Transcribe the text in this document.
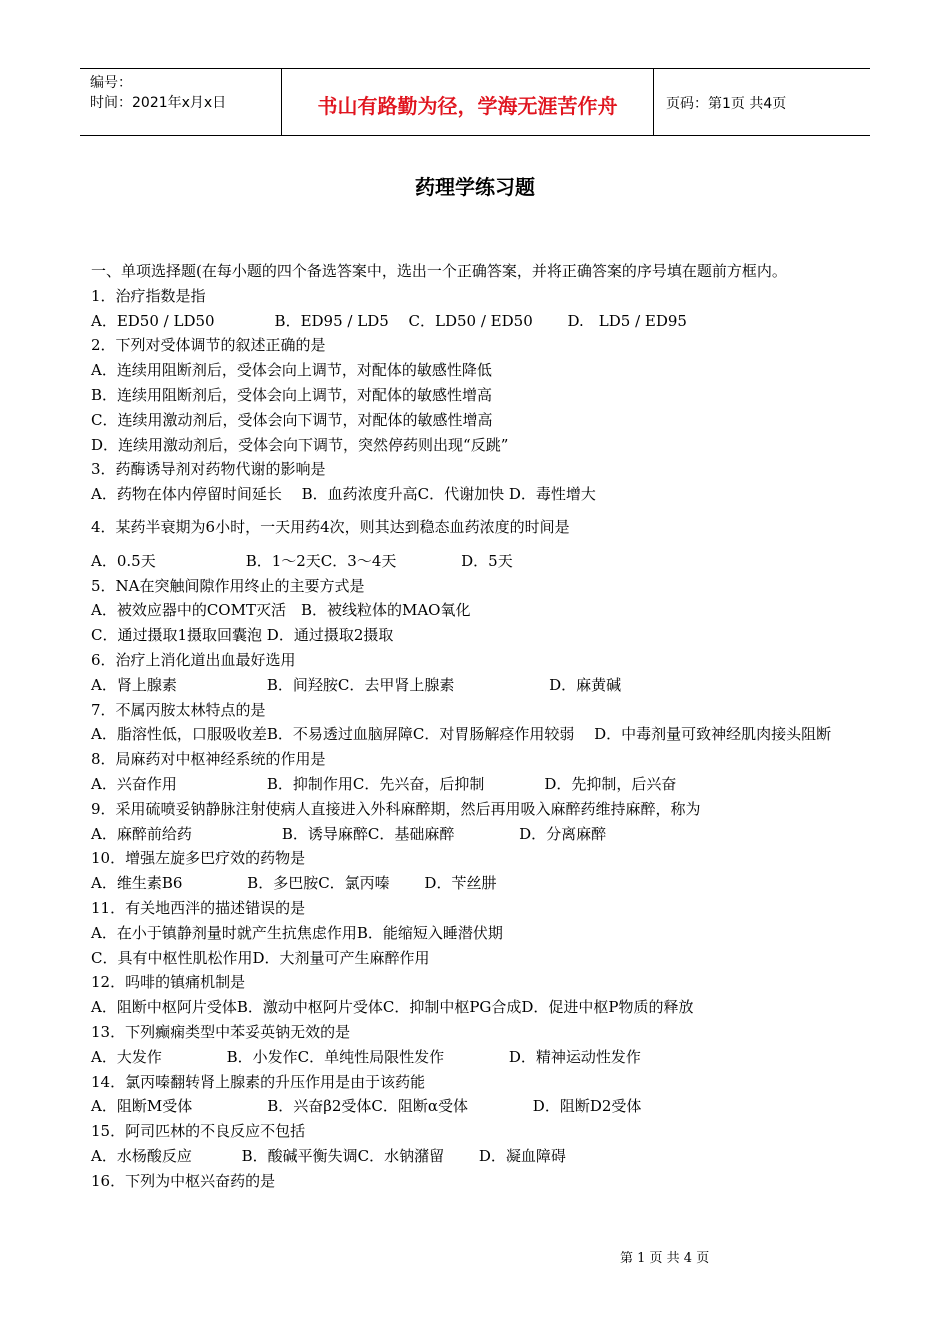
编号：
时间：2021年x月x日	书山有路勤为径，学海无涯苦作舟	页码：第1页 共4页
药理学练习题
一、单项选择题(在每小题的四个备选答案中，选出一个正确答案，并将正确答案的序号填在题前方框内。
1．治疗指数是指
A．ED50 / LD50　　　　B．ED95 / LD5　 C．LD50 / ED50　　 D.　LD5 / ED95
2．下列对受体调节的叙述正确的是
A．连续用阻断剂后，受体会向上调节，对配体的敏感性降低
B．连续用阻断剂后，受体会向上调节，对配体的敏感性增高
C．连续用激动剂后，受体会向下调节，对配体的敏感性增高
D．连续用激动剂后，受体会向下调节，突然停药则出现“反跳”
3．药酶诱导剂对药物代谢的影响是
A．药物在体内停留时间延长　 B．血药浓度升高C．代谢加快 D．毒性增大
4．某药半衰期为6小时，一天用药4次，则其达到稳态血药浓度的时间是
A．0.5天　　　　　　B．1～2天C．3～4天　　　　 D．5天
5．NA在突触间隙作用终止的主要方式是
A．被效应器中的COMT灭活　B．被线粒体的MAO氧化
C．通过摄取1摄取回囊泡 D．通过摄取2摄取
6．治疗上消化道出血最好选用
A．肾上腺素　　　　　　B．间羟胺C．去甲肾上腺素　　　　　　 D．麻黄碱
7．不属丙胺太林特点的是
A．脂溶性低，口服吸收差B．不易透过血脑屏障C．对胃肠解痉作用较弱　 D．中毒剂量可致神经肌肉接头阻断
8．局麻药对中枢神经系统的作用是
A．兴奋作用　　　　　　B．抑制作用C．先兴奋，后抑制　　　　D．先抑制，后兴奋
9．采用硫喷妥钠静脉注射使病人直接进入外科麻醉期，然后再用吸入麻醉药维持麻醉，称为
A．麻醉前给药　　　　　　B．诱导麻醉C．基础麻醉　　　　 D．分离麻醉
10．增强左旋多巴疗效的药物是
A．维生素B6　　　　 B．多巴胺C．氯丙嗪　　 D．苄丝肼
11．有关地西泮的描述错误的是
A．在小于镇静剂量时就产生抗焦虑作用B．能缩短入睡潜伏期
C．具有中枢性肌松作用D．大剂量可产生麻醉作用
12．吗啡的镇痛机制是
A．阻断中枢阿片受体B．激动中枢阿片受体C．抑制中枢PG合成D．促进中枢P物质的释放
13．下列癫痫类型中苯妥英钠无效的是
A．大发作　　　　 B．小发作C．单纯性局限性发作　　　　 D．精神运动性发作
14．氯丙嗪翻转肾上腺素的升压作用是由于该药能
A．阻断M受体　　　　　B．兴奋β2受体C．阻断α受体　　　　 D．阻断D2受体
15．阿司匹林的不良反应不包括
A．水杨酸反应　　　 B．酸碱平衡失调C．水钠潴留　　 D．凝血障碍
16．下列为中枢兴奋药的是
第 1 页 共 4 页
